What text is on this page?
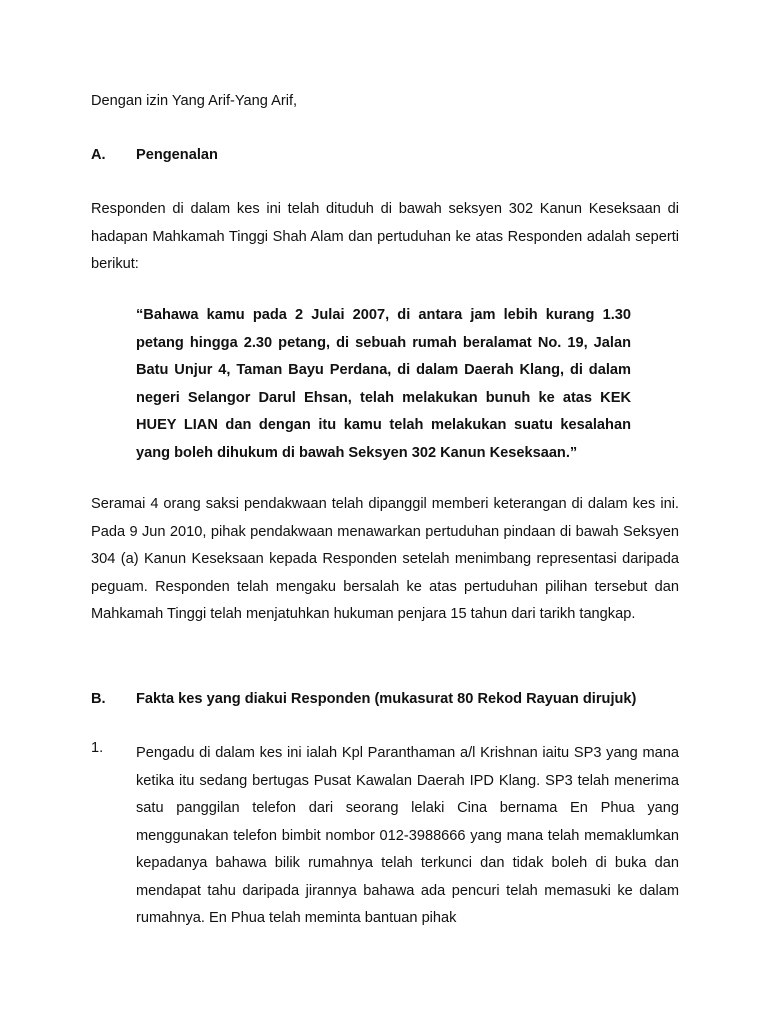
Dengan izin Yang Arif-Yang Arif,

A. Pengenalan

Responden di dalam kes ini telah dituduh di bawah seksyen 302 Kanun Keseksaan di hadapan Mahkamah Tinggi Shah Alam dan pertuduhan ke atas Responden adalah seperti berikut:

“Bahawa kamu pada 2 Julai 2007, di antara jam lebih kurang 1.30 petang hingga 2.30 petang, di sebuah rumah beralamat No. 19, Jalan Batu Unjur 4, Taman Bayu Perdana, di dalam Daerah Klang, di dalam negeri Selangor Darul Ehsan, telah melakukan bunuh ke atas KEK HUEY LIAN dan dengan itu kamu telah melakukan suatu kesalahan yang boleh dihukum di bawah Seksyen 302 Kanun Keseksaan.”

Seramai 4 orang saksi pendakwaan telah dipanggil memberi keterangan di dalam kes ini. Pada 9 Jun 2010, pihak pendakwaan menawarkan pertuduhan pindaan di bawah Seksyen 304 (a) Kanun Keseksaan kepada Responden setelah menimbang representasi daripada peguam. Responden telah mengaku bersalah ke atas pertuduhan pilihan tersebut dan Mahkamah Tinggi telah menjatuhkan hukuman penjara 15 tahun dari tarikh tangkap.

B. Fakta kes yang diakui Responden (mukasurat 80 Rekod Rayuan dirujuk)
1.	Pengadu di dalam kes ini ialah Kpl Paranthaman a/l Krishnan iaitu SP3 yang mana ketika itu sedang bertugas Pusat Kawalan Daerah IPD Klang. SP3 telah menerima satu panggilan telefon dari seorang lelaki Cina bernama En Phua yang menggunakan telefon bimbit nombor 012-3988666 yang mana telah memaklumkan kepadanya bahawa bilik rumahnya telah terkunci dan tidak boleh di buka dan mendapat tahu daripada jirannya bahawa ada pencuri telah memasuki ke dalam rumahnya. En Phua telah meminta bantuan pihak
